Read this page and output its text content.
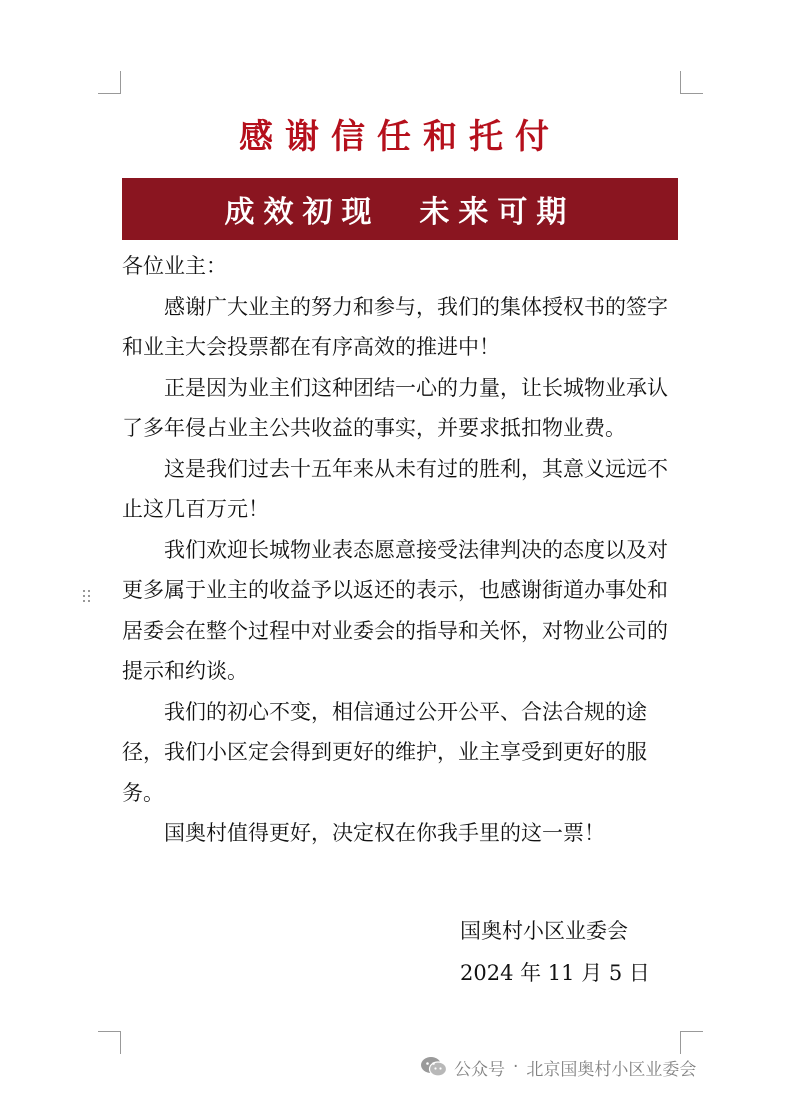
感谢信任和托付
成效初现  未来可期

各位业主：

感谢广大业主的努力和参与，我们的集体授权书的签字和业主大会投票都在有序高效的推进中！

正是因为业主们这种团结一心的力量，让长城物业承认了多年侵占业主公共收益的事实，并要求抵扣物业费。

这是我们过去十五年来从未有过的胜利，其意义远远不止这几百万元！

我们欢迎长城物业表态愿意接受法律判决的态度以及对更多属于业主的收益予以返还的表示，也感谢街道办事处和居委会在整个过程中对业委会的指导和关怀，对物业公司的提示和约谈。

我们的初心不变，相信通过公开公平、合法合规的途径，我们小区定会得到更好的维护，业主享受到更好的服务。

国奥村值得更好，决定权在你我手里的这一票！

国奥村小区业委会
2024 年 11 月 5 日
公众号 · 北京国奥村小区业委会
